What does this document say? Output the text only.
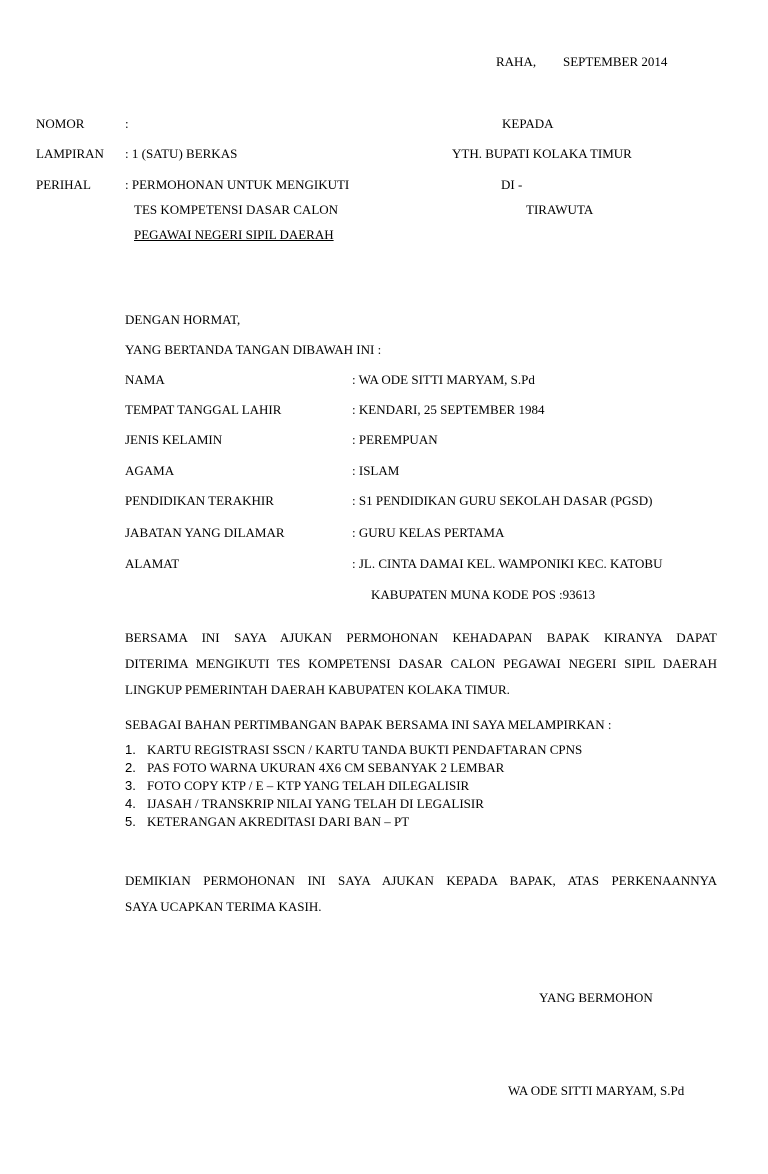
RAHA, SEPTEMBER 2014
NOMOR	:	KEPADA
LAMPIRAN : 1 (SATU) BERKAS	YTH. BUPATI KOLAKA TIMUR
PERIHAL	: PERMOHONAN UNTUK MENGIKUTI	DI -
TES KOMPETENSI DASAR CALON	TIRAWUTA
PEGAWAI NEGERI SIPIL DAERAH
DENGAN HORMAT,
YANG BERTANDA TANGAN DIBAWAH INI :
NAMA	: WA ODE SITTI MARYAM, S.Pd
TEMPAT TANGGAL LAHIR	: KENDARI, 25 SEPTEMBER 1984
JENIS KELAMIN	: PEREMPUAN
AGAMA	: ISLAM
PENDIDIKAN TERAKHIR	: S1 PENDIDIKAN GURU SEKOLAH DASAR (PGSD)
JABATAN YANG DILAMAR	: GURU KELAS PERTAMA
ALAMAT	: JL. CINTA DAMAI KEL. WAMPONIKI KEC. KATOBU
KABUPATEN MUNA KODE POS :93613
BERSAMA INI SAYA AJUKAN PERMOHONAN KEHADAPAN BAPAK KIRANYA DAPAT
DITERIMA MENGIKUTI TES KOMPETENSI DASAR CALON PEGAWAI NEGERI SIPIL DAERAH
LINGKUP PEMERINTAH DAERAH KABUPATEN KOLAKA TIMUR.
SEBAGAI BAHAN PERTIMBANGAN BAPAK BERSAMA INI SAYA MELAMPIRKAN :
1. KARTU REGISTRASI SSCN / KARTU TANDA BUKTI PENDAFTARAN CPNS
2. PAS FOTO WARNA UKURAN 4X6 CM SEBANYAK 2 LEMBAR
3. FOTO COPY KTP / E – KTP YANG TELAH DILEGALISIR
4. IJASAH / TRANSKRIP NILAI YANG TELAH DI LEGALISIR
5. KETERANGAN AKREDITASI DARI BAN – PT
DEMIKIAN PERMOHONAN INI SAYA AJUKAN KEPADA BAPAK, ATAS PERKENAANNYA
SAYA UCAPKAN TERIMA KASIH.
YANG BERMOHON
WA ODE SITTI MARYAM, S.Pd
